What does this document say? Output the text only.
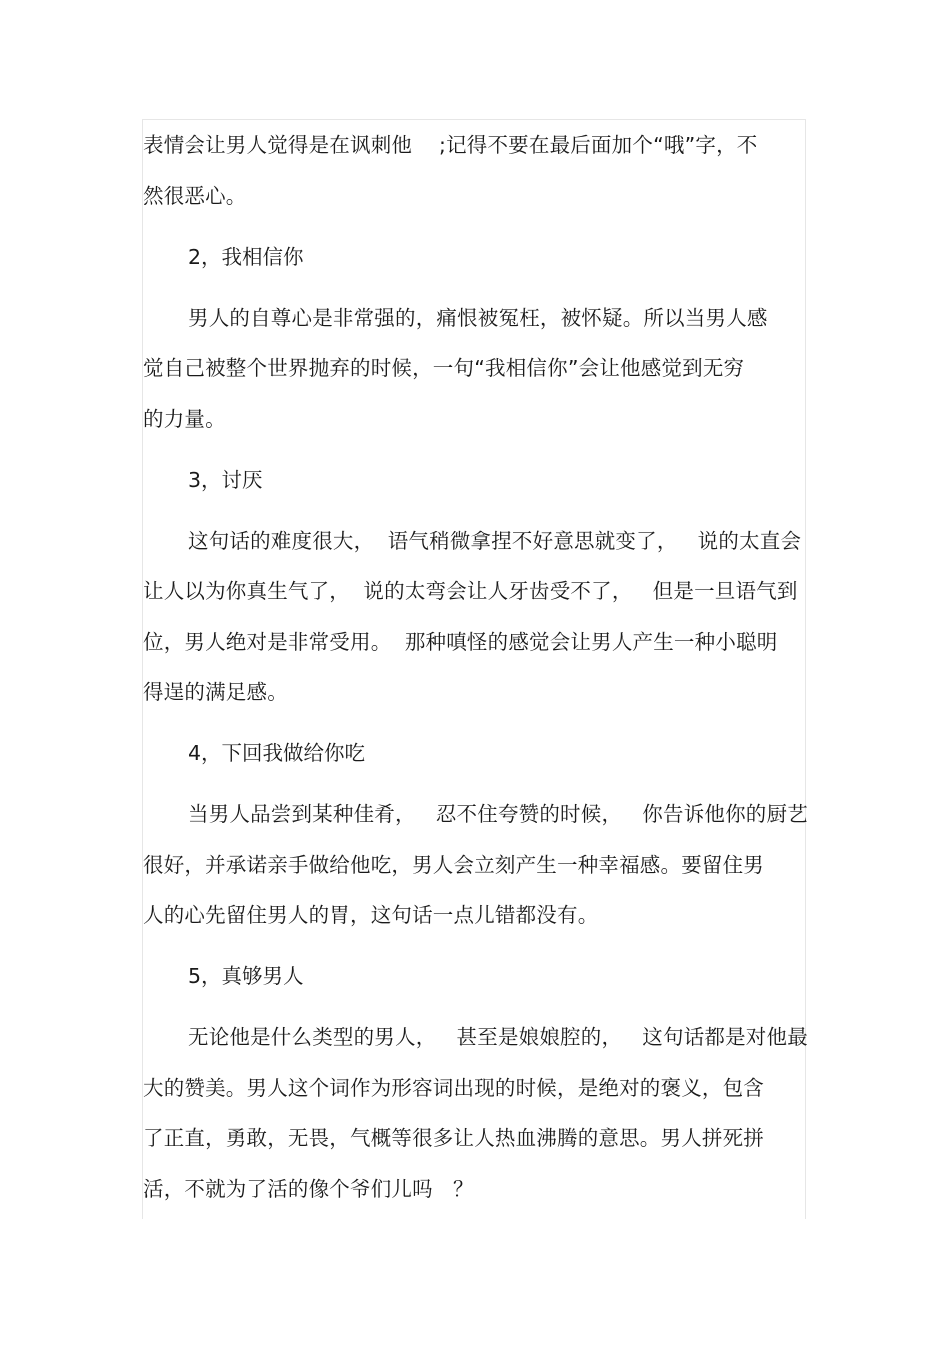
表情会让男人觉得是在讽刺他    ;记得不要在最后面加个“哦”字，不
然很恶心。
2，我相信你
男人的自尊心是非常强的，痛恨被冤枉，被怀疑。所以当男人感
觉自己被整个世界抛弃的时候，一句“我相信你”会让他感觉到无穷
的力量。
3，讨厌
这句话的难度很大，  语气稍微拿捏不好意思就变了，   说的太直会
让人以为你真生气了，  说的太弯会让人牙齿受不了，   但是一旦语气到
位，男人绝对是非常受用。  那种嗔怪的感觉会让男人产生一种小聪明
得逞的满足感。
4，下回我做给你吃
当男人品尝到某种佳肴，   忍不住夸赞的时候，   你告诉他你的厨艺
很好，并承诺亲手做给他吃，男人会立刻产生一种幸福感。要留住男
人的心先留住男人的胃，这句话一点儿错都没有。
5，真够男人
无论他是什么类型的男人，   甚至是娘娘腔的，   这句话都是对他最
大的赞美。男人这个词作为形容词出现的时候，是绝对的褒义，包含
了正直，勇敢，无畏，气概等很多让人热血沸腾的意思。男人拼死拼
活，不就为了活的像个爷们儿吗   ？
